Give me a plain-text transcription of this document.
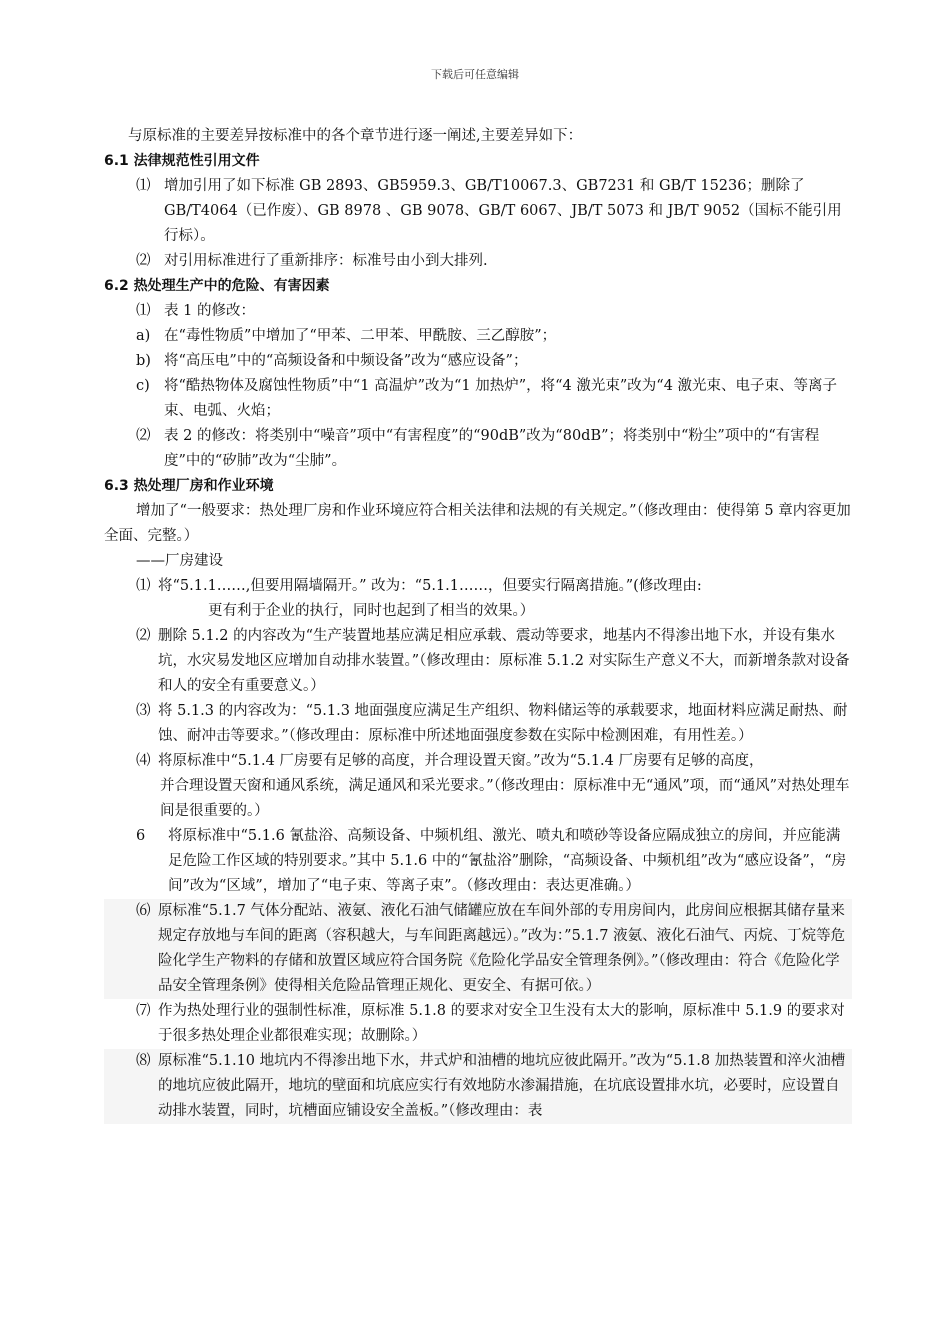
下载后可任意编辑

与原标准的主要差异按标准中的各个章节进行逐一阐述,主要差异如下：

6.1 法律规范性引用文件

⑴ 增加引用了如下标准 GB 2893、GB5959.3、GB/T10067.3、GB7231 和 GB/T 15236；删除了 GB/T4064（已作废）、GB 8978 、GB 9078、GB/T 6067、JB/T 5073 和 JB/T 9052（国标不能引用行标）。
⑵ 对引用标准进行了重新排序：标准号由小到大排列.

6.2 热处理生产中的危险、有害因素

⑴ 表 1 的修改：
a) 在“毒性物质”中增加了“甲苯、二甲苯、甲酰胺、三乙醇胺”；
b) 将“高压电”中的“高频设备和中频设备”改为“感应设备”；
c) 将“酷热物体及腐蚀性物质”中“1 高温炉”改为“1 加热炉”，将“4 激光束”改为“4 激光束、电子束、等离子束、电弧、火焰；
⑵ 表 2 的修改：将类别中“噪音”项中“有害程度”的“90dB”改为“80dB”；将类别中“粉尘”项中的“有害程度”中的“矽肺”改为“尘肺”。

6.3 热处理厂房和作业环境

增加了“一般要求：热处理厂房和作业环境应符合相关法律和法规的有关规定。”（修改理由：使得第 5 章内容更加全面、完整。）

——厂房建设

⑴ 将“5.1.1……,但要用隔墙隔开。” 改为：“5.1.1……，但要实行隔离措施。”(修改理由:

更有利于企业的执行，同时也起到了相当的效果。）

⑵ 删除 5.1.2 的内容改为“生产装置地基应满足相应承载、震动等要求，地基内不得渗出地下水，并设有集水坑，水灾易发地区应增加自动排水装置。”（修改理由：原标准 5.1.2 对实际生产意义不大，而新增条款对设备和人的安全有重要意义。）
⑶ 将 5.1.3 的内容改为：“5.1.3 地面强度应满足生产组织、物料储运等的承载要求，地面材料应满足耐热、耐蚀、耐冲击等要求。”（修改理由：原标准中所述地面强度参数在实际中检测困难，有用性差。）
⑷ 将原标准中“5.1.4 厂房要有足够的高度，并合理设置天窗。”改为“5.1.4 厂房要有足够的高度，

并合理设置天窗和通风系统，满足通风和采光要求。”（修改理由：原标准中无“通风”项，而“通风”对热处理车间是很重要的。）

6	将原标准中“5.1.6 氰盐浴、高频设备、中频机组、激光、喷丸和喷砂等设备应隔成独立的房间，并应能满足危险工作区域的特别要求。”其中 5.1.6 中的“氰盐浴”删除，“高频设备、中频机组”改为“感应设备”，“房间”改为“区域”，增加了“电子束、等离子束”。（修改理由：表达更准确。）
⑹ 原标准“5.1.7 气体分配站、液氨、液化石油气储罐应放在车间外部的专用房间内，此房间应根据其储存量来规定存放地与车间的距离（容积越大，与车间距离越远）。”改为：”5.1.7 液氨、液化石油气、丙烷、丁烷等危险化学生产物料的存储和放置区域应符合国务院《危险化学品安全管理条例》。”（修改理由：符合《危险化学品安全管理条例》使得相关危险品管理正规化、更安全、有据可依。）
⑺ 作为热处理行业的强制性标准，原标准 5.1.8 的要求对安全卫生没有太大的影响，原标准中 5.1.9 的要求对于很多热处理企业都很难实现；故删除。）
⑻ 原标准“5.1.10 地坑内不得渗出地下水，井式炉和油槽的地坑应彼此隔开。”改为“5.1.8 加热装置和淬火油槽的地坑应彼此隔开，地坑的壁面和坑底应实行有效地防水渗漏措施，在坑底设置排水坑，必要时，应设置自动排水装置，同时，坑槽面应铺设安全盖板。”（修改理由：表
